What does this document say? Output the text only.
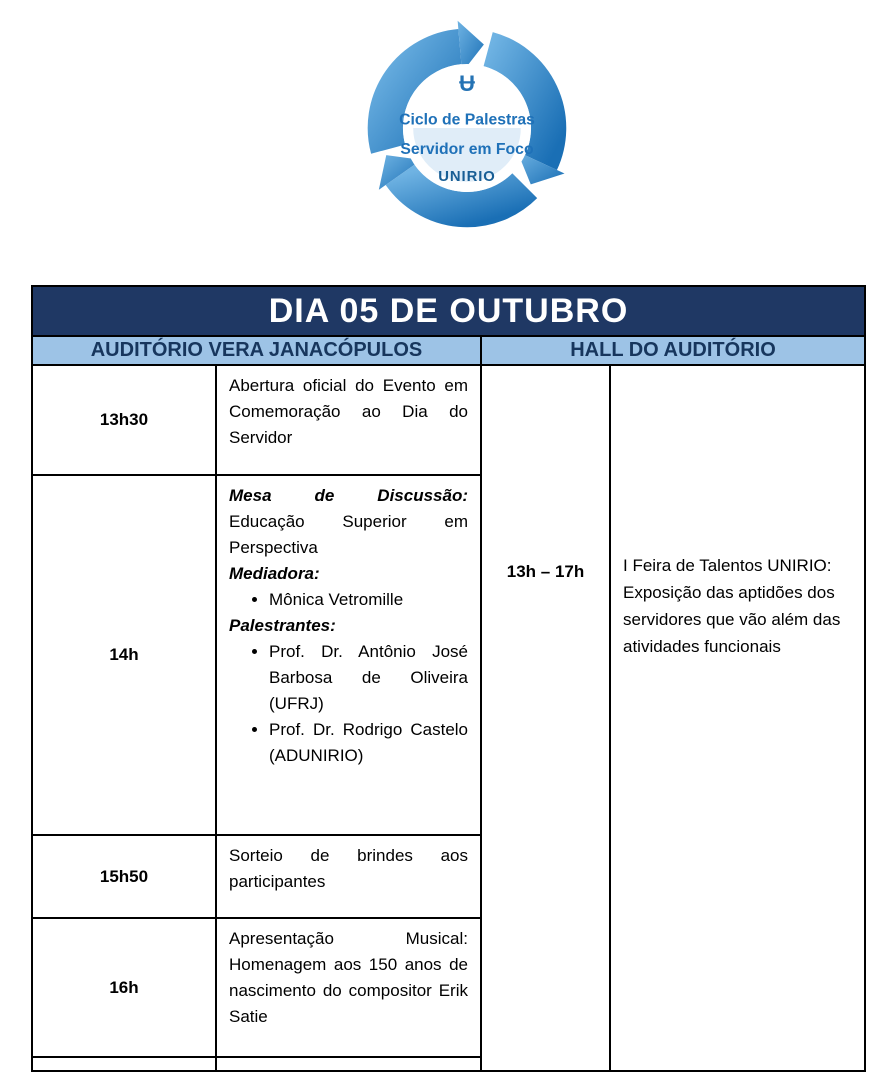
Ʉ
Ciclo de Palestras
Servidor em Foco
UNIRIO
DIA 05 DE OUTUBRO
AUDITÓRIO VERA JANACÓPULOS	HALL DO AUDITÓRIO
13h30

Abertura oficial do Evento em Comemoração ao Dia do Servidor

14h

Mesa de Discussão: Educação Superior em Perspectiva

Mediadora:

• Mônica Vetromille

Palestrantes:

• Prof. Dr. Antônio José Barbosa de Oliveira (UFRJ)
• Prof. Dr. Rodrigo Castelo (ADUNIRIO)
15h50

Sorteio de brindes aos participantes

16h

Apresentação Musical: Homenagem aos 150 anos de nascimento do compositor Erik Satie

13h – 17h	I Feira de Talentos UNIRIO: Exposição das aptidões dos servidores que vão além das atividades funcionais
